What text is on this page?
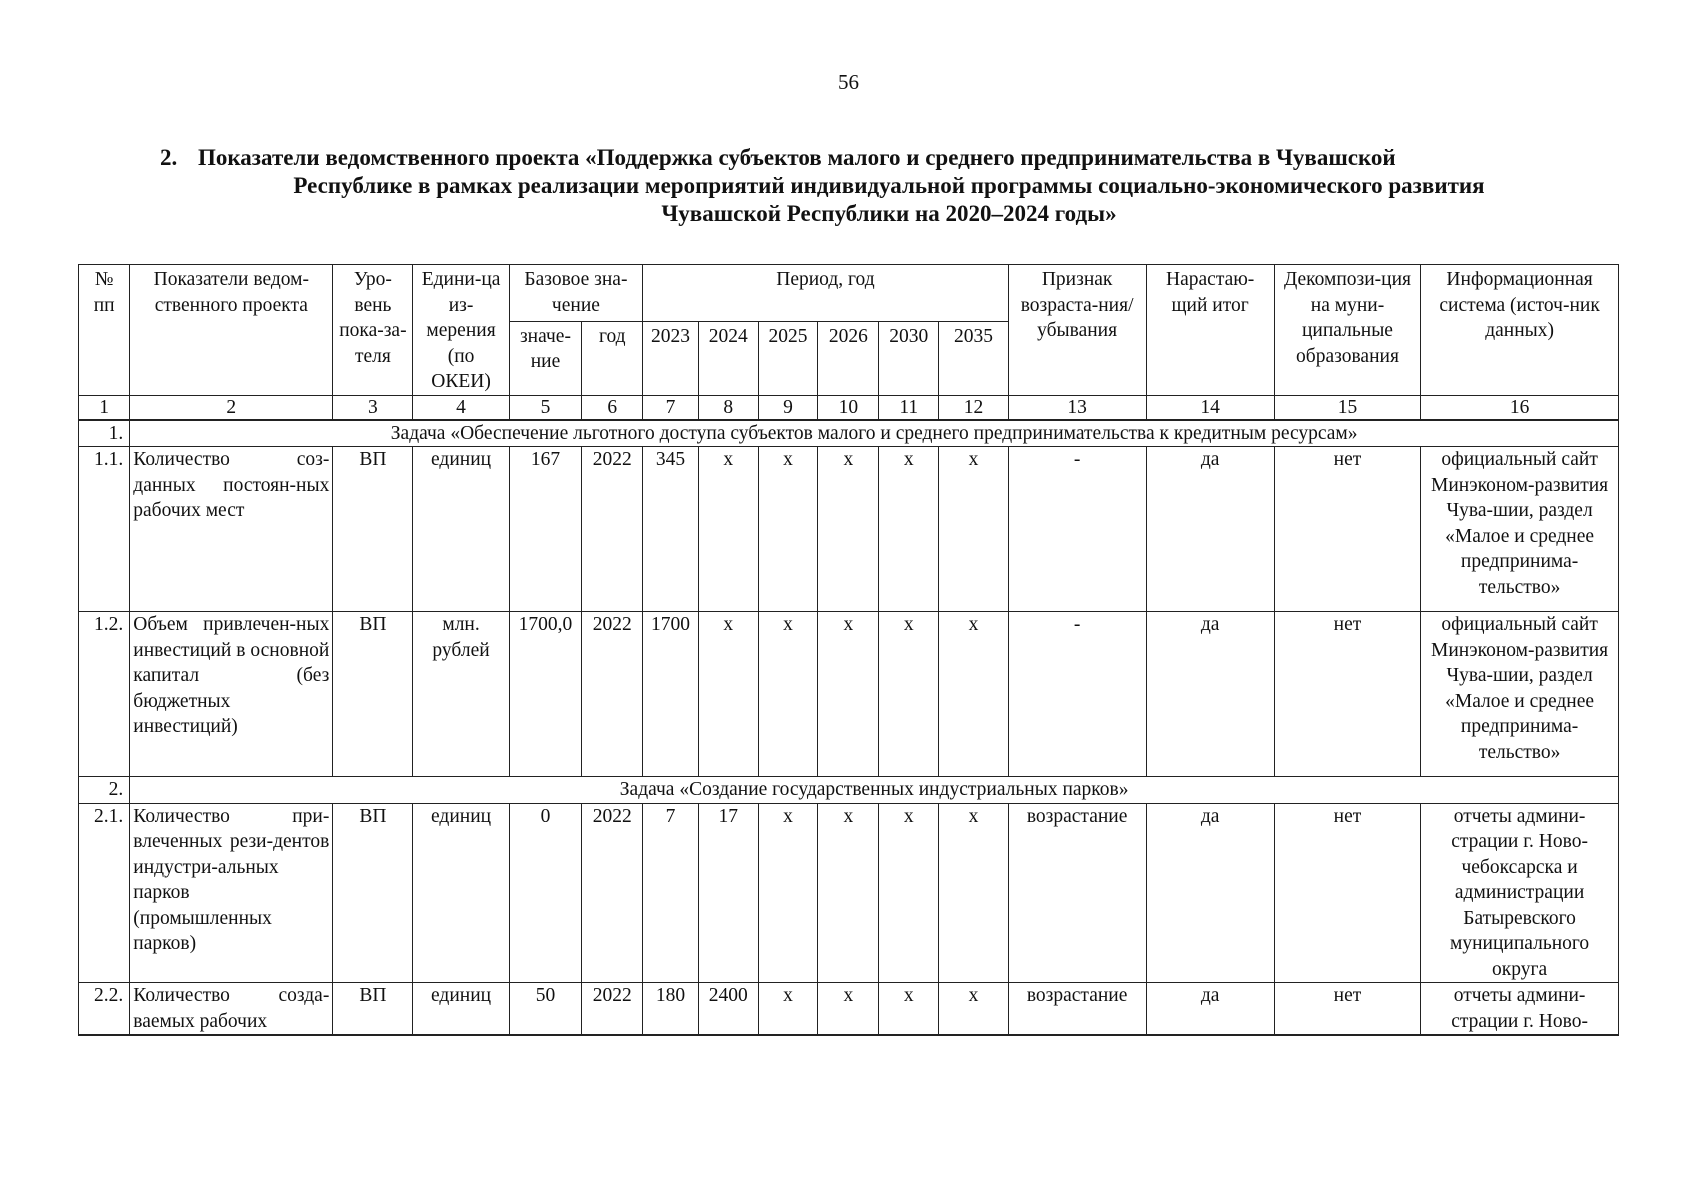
56
2. Показатели ведомственного проекта «Поддержка субъектов малого и среднего предпринимательства в Чувашской
Республике в рамках реализации мероприятий индивидуальной программы социально-экономического развития
Чувашской Республики на 2020–2024 годы»
№ пп	Показатели ведом-ственного проекта	Уро-вень пока-за-теля	Едини-ца из-мерения (по ОКЕИ)	Базовое зна-чение		Период, год						Признак возраста-ния/ убывания	Нарастаю-щий итог	Декомпози-ция на муни-ципальные образования	Информационная система (источ-ник данных)
				значе-ние	год	2023	2024	2025	2026	2030	2035				
1	2	3	4	5	6	7	8	9	10	11	12	13	14	15	16
1.	Задача «Обеспечение льготного доступа субъектов малого и среднего предпринимательства к кредитным ресурсам»														
1.1.	Количество соз-данных постоян-ных рабочих мест	ВП	единиц	167	2022	345	х	х	х	х	х	-	да	нет	официальный сайт Минэконом-развития Чува-шии, раздел «Малое и среднее предпринима-тельство»
1.2.	Объем привлечен-ных инвестиций в основной капитал (без бюджетных инвестиций)	ВП	млн. рублей	1700,0	2022	1700	х	х	х	х	х	-	да	нет	официальный сайт Минэконом-развития Чува-шии, раздел «Малое и среднее предпринима-тельство»
2.	Задача «Создание государственных индустриальных парков»														
2.1.	Количество при-влеченных рези-дентов индустри-альных парков (промышленных парков)	ВП	единиц	0	2022	7	17	х	х	х	х	возрастание	да	нет	отчеты админи-страции г. Ново-чебоксарска и администрации Батыревского муниципального округа
2.2.	Количество созда-ваемых рабочих	ВП	единиц	50	2022	180	2400	х	х	х	х	возрастание	да	нет	отчеты админи-страции г. Ново-
